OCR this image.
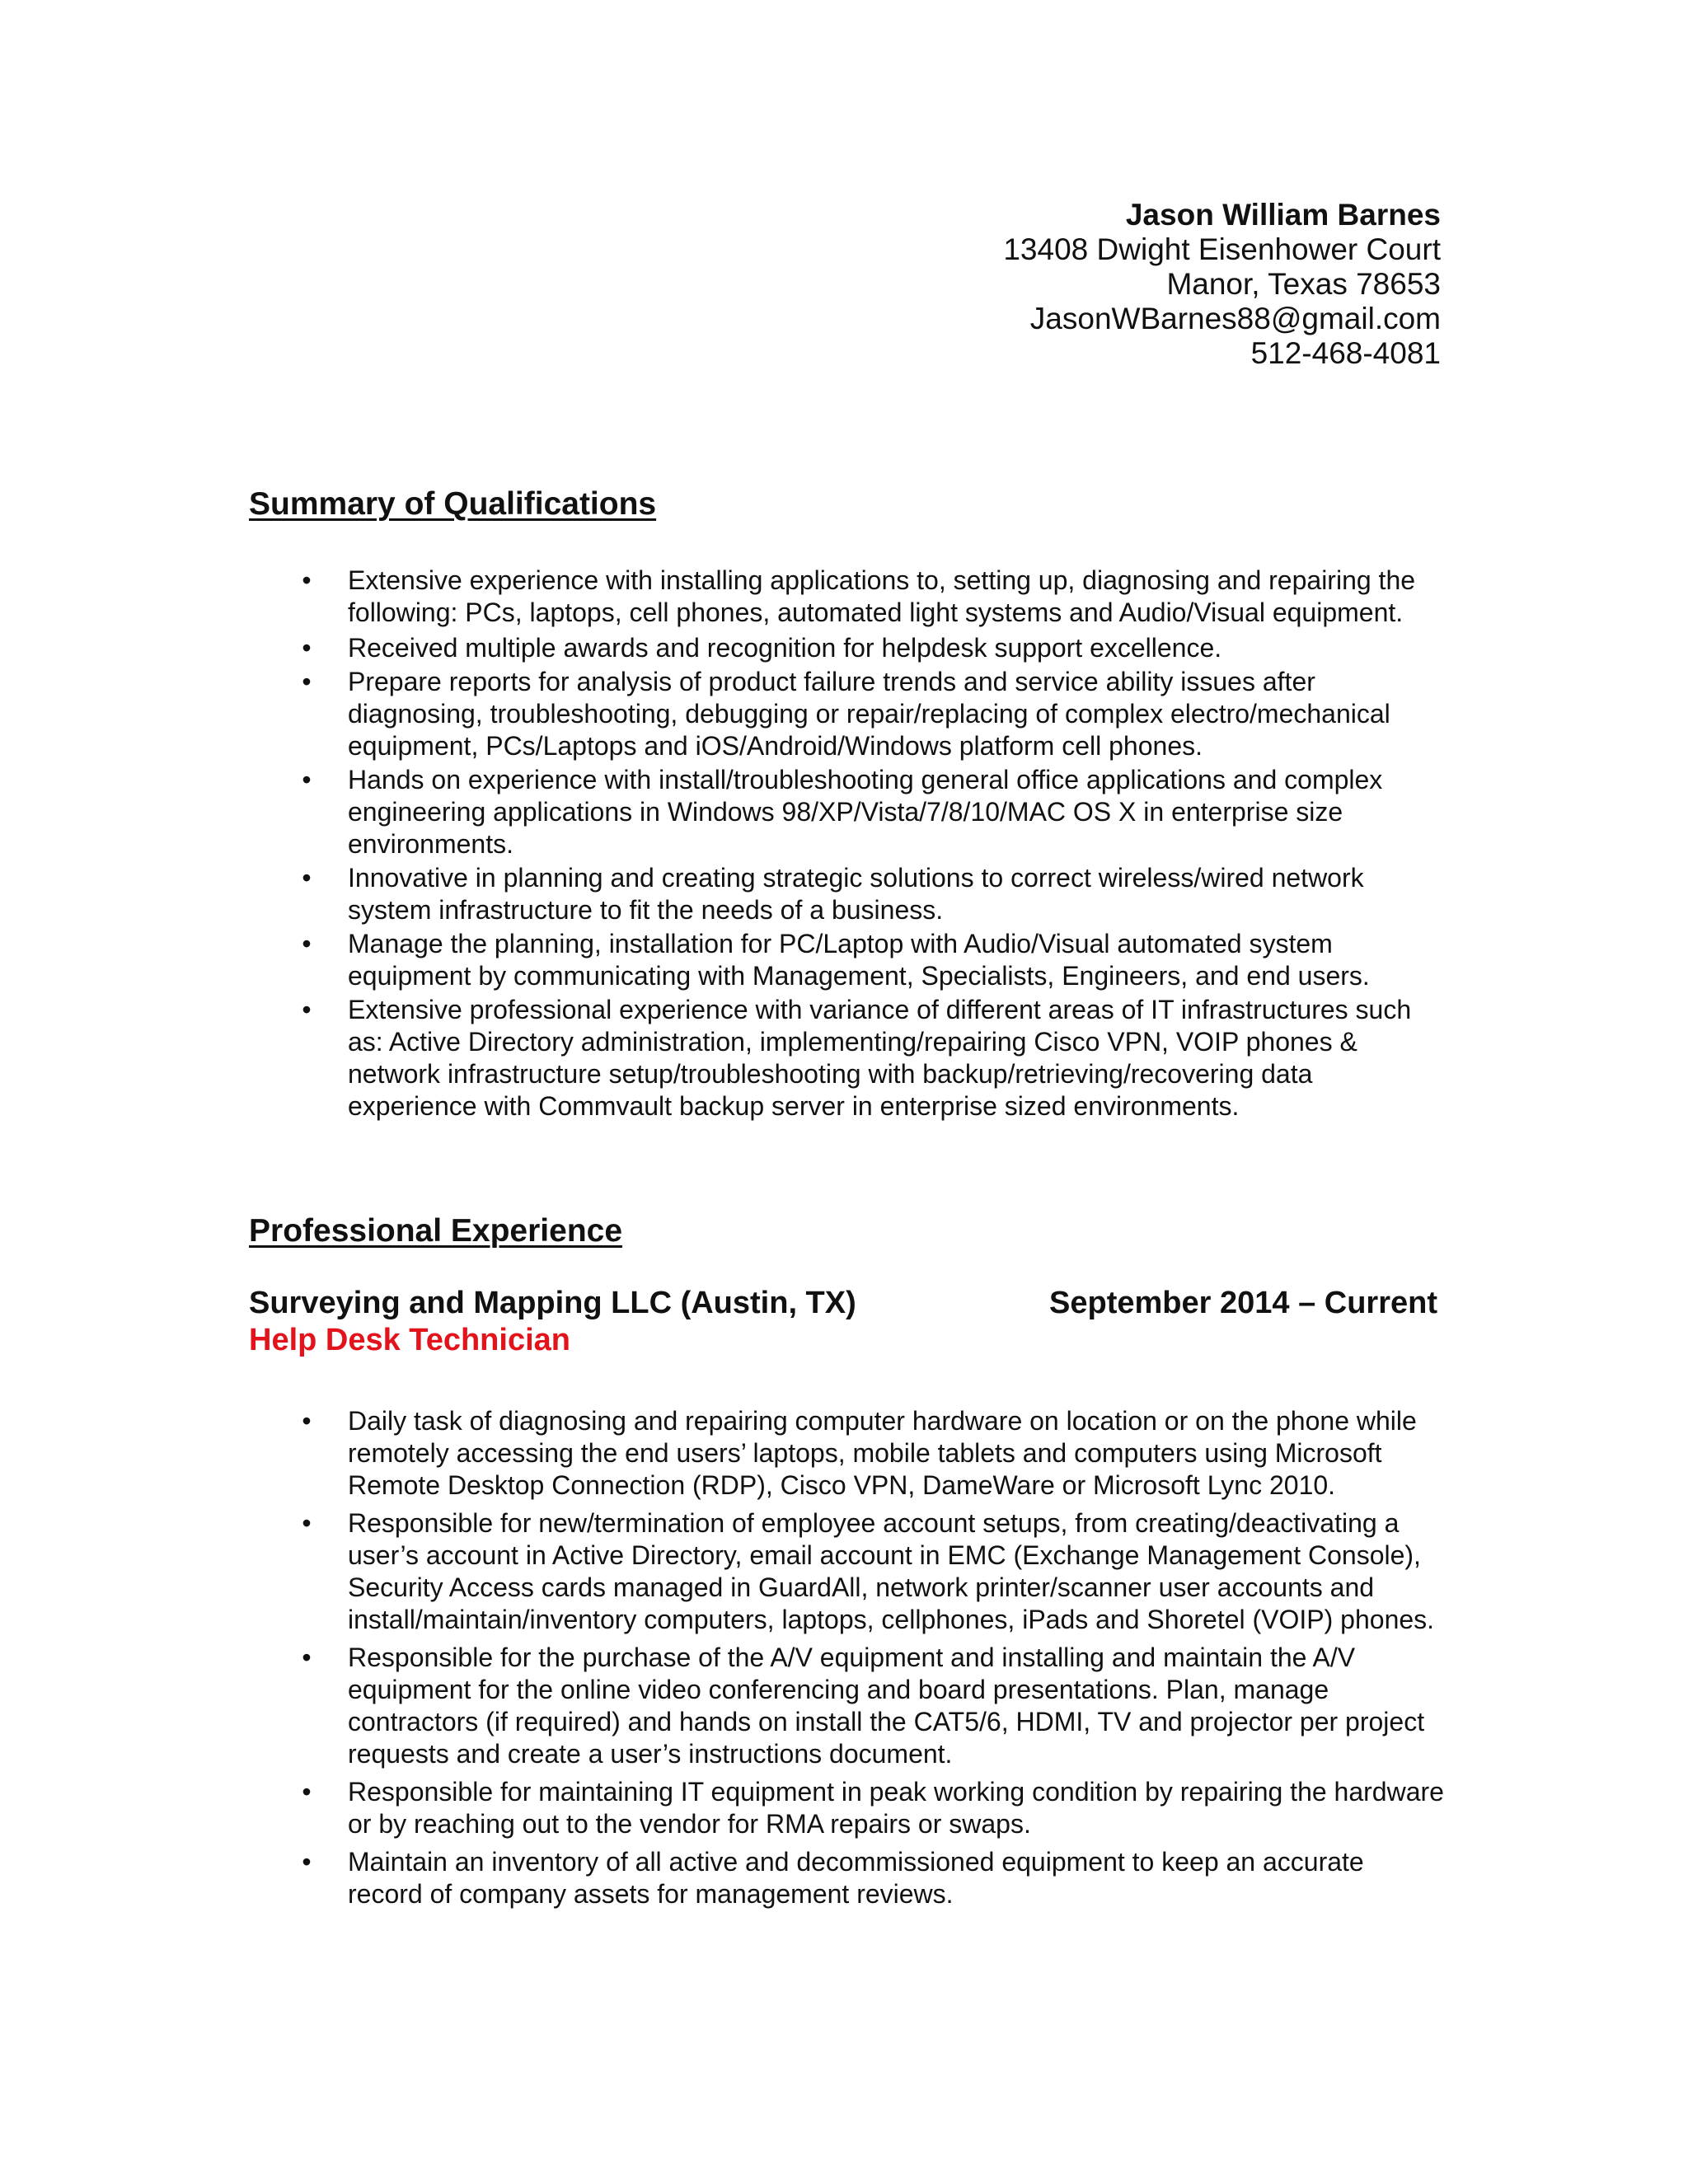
Jason William Barnes
13408 Dwight Eisenhower Court
Manor, Texas 78653
JasonWBarnes88@gmail.com
512-468-4081
Summary of Qualifications
• Extensive experience with installing applications to, setting up, diagnosing and repairing the following: PCs, laptops, cell phones, automated light systems and Audio/Visual equipment.
• Received multiple awards and recognition for helpdesk support excellence.
• Prepare reports for analysis of product failure trends and service ability issues after diagnosing, troubleshooting, debugging or repair/replacing of complex electro/mechanical equipment, PCs/Laptops and iOS/Android/Windows platform cell phones.
• Hands on experience with install/troubleshooting general office applications and complex engineering applications in Windows 98/XP/Vista/7/8/10/MAC OS X in enterprise size environments.
• Innovative in planning and creating strategic solutions to correct wireless/wired network system infrastructure to fit the needs of a business.
• Manage the planning, installation for PC/Laptop with Audio/Visual automated system equipment by communicating with Management, Specialists, Engineers, and end users.
• Extensive professional experience with variance of different areas of IT infrastructures such as: Active Directory administration, implementing/repairing Cisco VPN, VOIP phones & network infrastructure setup/troubleshooting with backup/retrieving/recovering data experience with Commvault backup server in enterprise sized environments.
Professional Experience
Surveying and Mapping LLC (Austin, TX)	September 2014 – Current
Help Desk Technician
• Daily task of diagnosing and repairing computer hardware on location or on the phone while remotely accessing the end users’ laptops, mobile tablets and computers using Microsoft Remote Desktop Connection (RDP), Cisco VPN, DameWare or Microsoft Lync 2010.
• Responsible for new/termination of employee account setups, from creating/deactivating a user’s account in Active Directory, email account in EMC (Exchange Management Console), Security Access cards managed in GuardAll, network printer/scanner user accounts and install/maintain/inventory computers, laptops, cellphones, iPads and Shoretel (VOIP) phones.
• Responsible for the purchase of the A/V equipment and installing and maintain the A/V equipment for the online video conferencing and board presentations. Plan, manage contractors (if required) and hands on install the CAT5/6, HDMI, TV and projector per project requests and create a user’s instructions document.
• Responsible for maintaining IT equipment in peak working condition by repairing the hardware or by reaching out to the vendor for RMA repairs or swaps.
• Maintain an inventory of all active and decommissioned equipment to keep an accurate record of company assets for management reviews.
